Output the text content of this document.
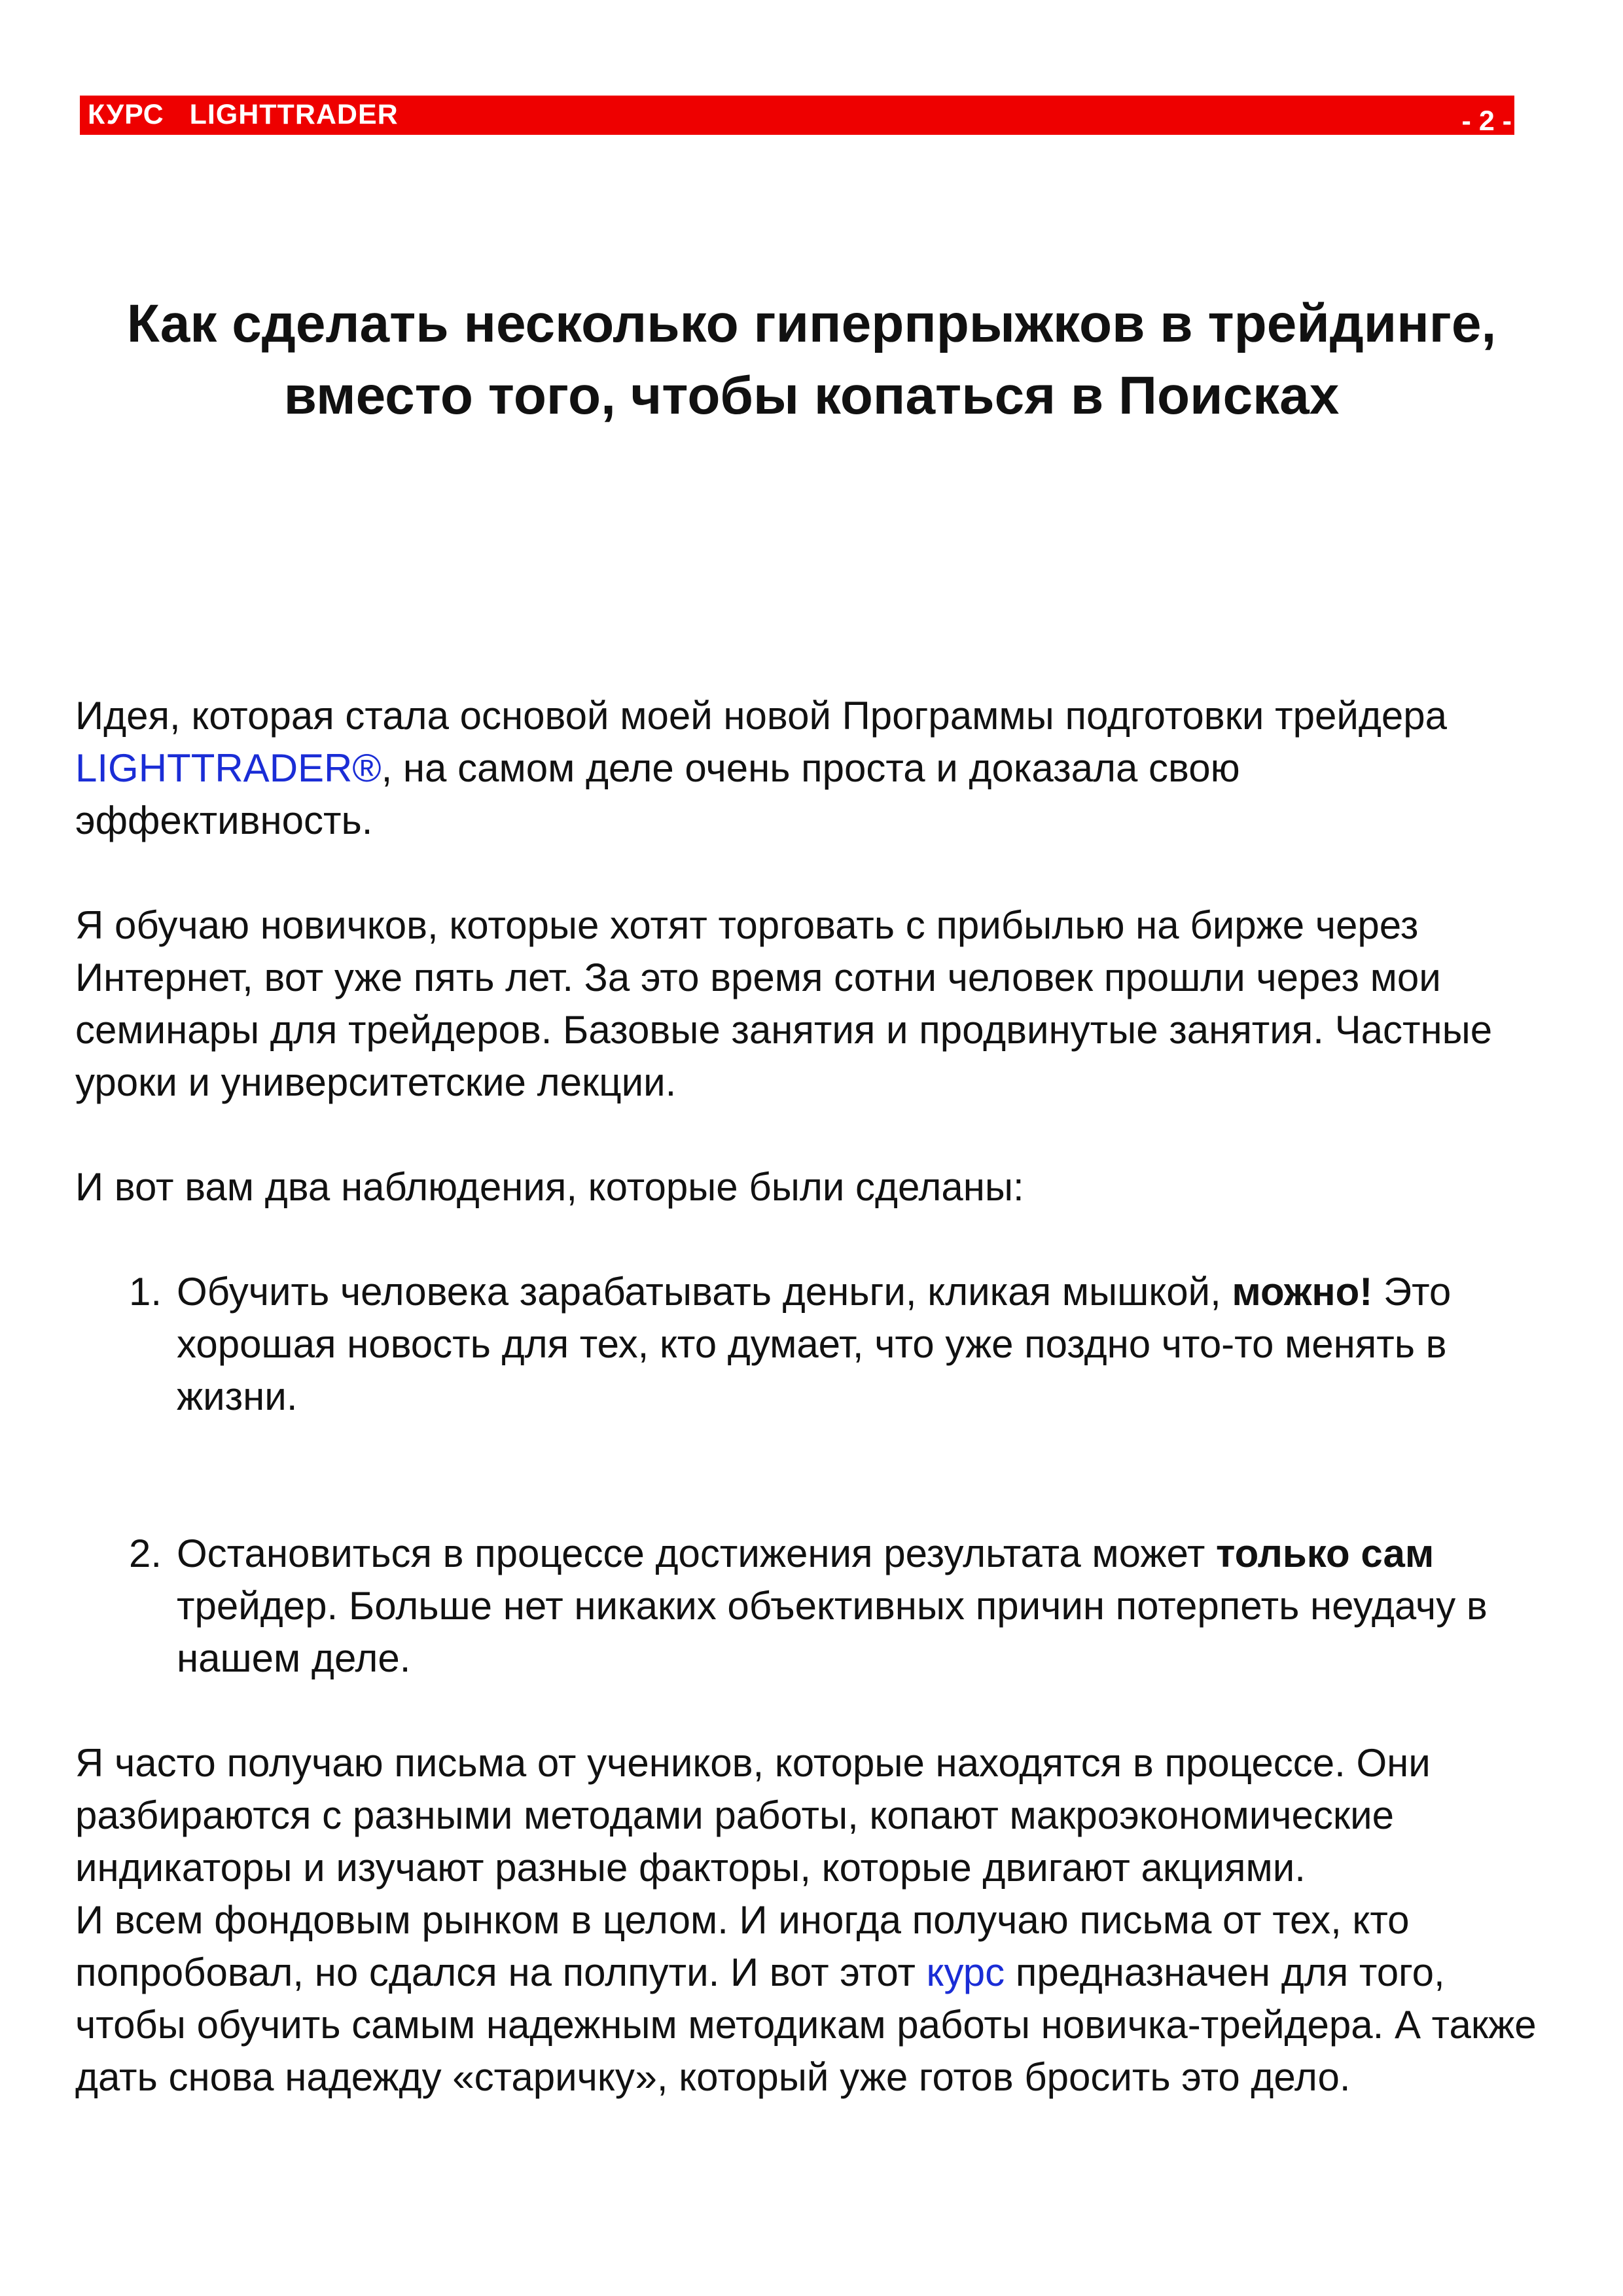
КУРС   LIGHTTRADER	- 2 -
Как сделать несколько гиперпрыжков в трейдинге, вместо того, чтобы копаться в Поисках

Идея, которая стала основой моей новой Программы подготовки трейдера LIGHTTRADER®, на самом деле очень проста и доказала свою эффективность.

Я обучаю новичков, которые хотят торговать с прибылью на бирже через Интернет, вот уже пять лет. За это время сотни человек прошли через мои семинары для трейдеров. Базовые занятия и продвинутые занятия. Частные уроки и университетские лекции.

И вот вам два наблюдения, которые были сделаны:

1. Обучить человека зарабатывать деньги, кликая мышкой, можно! Это хорошая новость для тех, кто думает, что уже поздно что-то менять в жизни.
2. Остановиться в процессе достижения результата может только сам трейдер. Больше нет никаких объективных причин потерпеть неудачу в нашем деле.

Я часто получаю письма от учеников, которые находятся в процессе. Они разбираются с разными методами работы, копают макроэкономические индикаторы и изучают разные факторы, которые двигают акциями.

И всем фондовым рынком в целом. И иногда получаю письма от тех, кто попробовал, но сдался на полпути. И вот этот курс предназначен для того, чтобы обучить самым надежным методикам работы новичка-трейдера. А также дать снова надежду «старичку», который уже готов бросить это дело.
